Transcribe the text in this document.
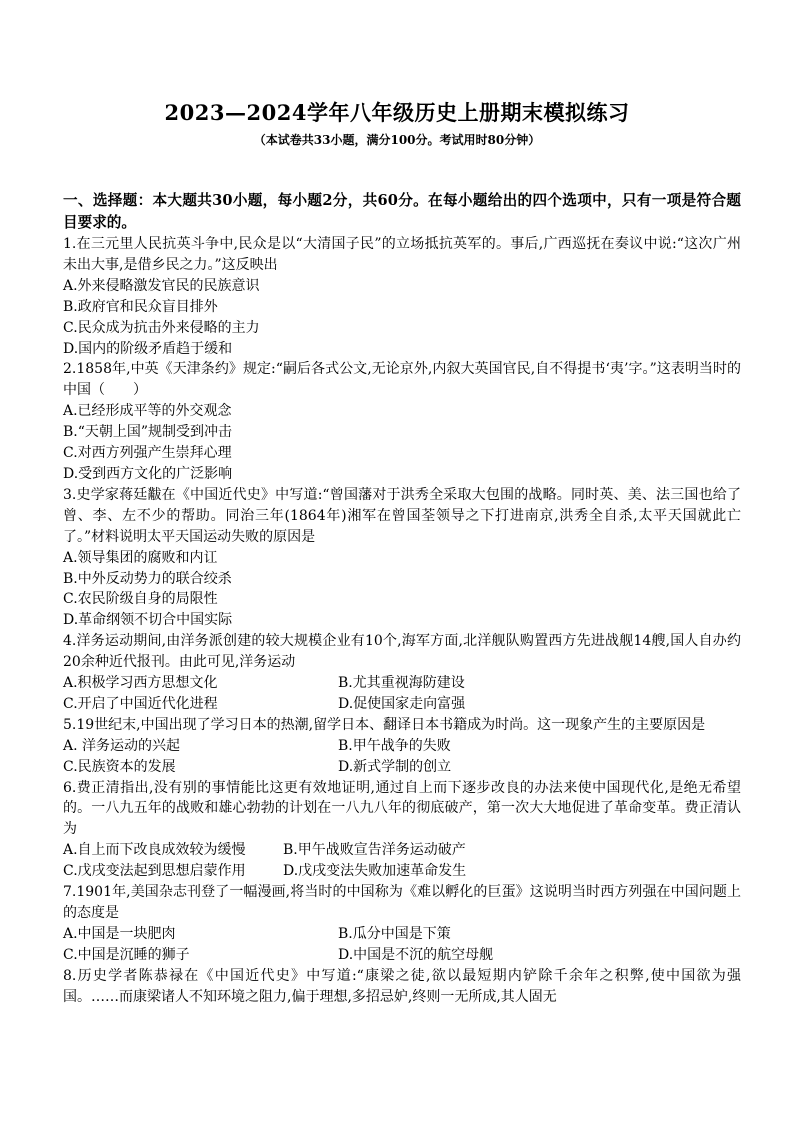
2023—2024学年八年级历史上册期末模拟练习
（本试卷共33小题，满分100分。考试用时80分钟）
一、选择题：本大题共30小题，每小题2分，共60分。在每小题给出的四个选项中，只有一项是符合题目要求的。
1.在三元里人民抗英斗争中,民众是以“大清国子民”的立场抵抗英军的。事后,广西巡抚在奏议中说:“这次广州未出大事,是借乡民之力。”这反映出
A.外来侵略激发官民的民族意识
B.政府官和民众盲目排外
C.民众成为抗击外来侵略的主力
D.国内的阶级矛盾趋于缓和
2.1858年,中英《天津条约》规定:“嗣后各式公文,无论京外,内叙大英国官民,自不得提书‘夷’字。”这表明当时的中国（　　）
A.已经形成平等的外交观念
B.“天朝上国”规制受到冲击
C.对西方列强产生崇拜心理
D.受到西方文化的广泛影响
3.史学家蒋廷黻在《中国近代史》中写道:“曾国藩对于洪秀全采取大包围的战略。同时英、美、法三国也给了曾、李、左不少的帮助。同治三年(1864年)湘军在曾国荃领导之下打进南京,洪秀全自杀,太平天国就此亡了。”材料说明太平天国运动失败的原因是
A.领导集团的腐败和内讧
B.中外反动势力的联合绞杀
C.农民阶级自身的局限性
D.革命纲领不切合中国实际
4.洋务运动期间,由洋务派创建的较大规模企业有10个,海军方面,北洋舰队购置西方先进战舰14艘,国人自办约20余种近代报刊。由此可见,洋务运动
A.积极学习西方思想文化	B.尤其重视海防建设
C.开启了中国近代化进程	D.促使国家走向富强
5.19世纪末,中国出现了学习日本的热潮,留学日本、翻译日本书籍成为时尚。这一现象产生的主要原因是
A. 洋务运动的兴起	B.甲午战争的失败
C.民族资本的发展	D.新式学制的创立
6.费正清指出,没有别的事情能比这更有效地证明,通过自上而下逐步改良的办法来使中国现代化,是绝无希望的。一八九五年的战败和雄心勃勃的计划在一八九八年的彻底破产，第一次大大地促进了革命变革。费正清认为
A.自上而下改良成效较为缓慢	B.甲午战败宣告洋务运动破产
C.戊戌变法起到思想启蒙作用	D.戊戌变法失败加速革命发生
7.1901年,美国杂志刊登了一幅漫画,将当时的中国称为《难以孵化的巨蛋》这说明当时西方列强在中国问题上的态度是
A.中国是一块肥肉	B.瓜分中国是下策
C.中国是沉睡的狮子	D.中国是不沉的航空母舰
8.历史学者陈恭禄在《中国近代史》中写道:“康梁之徒,欲以最短期内铲除千余年之积弊,使中国欲为强国。……而康梁诸人不知环境之阻力,偏于理想,多招忌妒,终则一无所成,其人固无
